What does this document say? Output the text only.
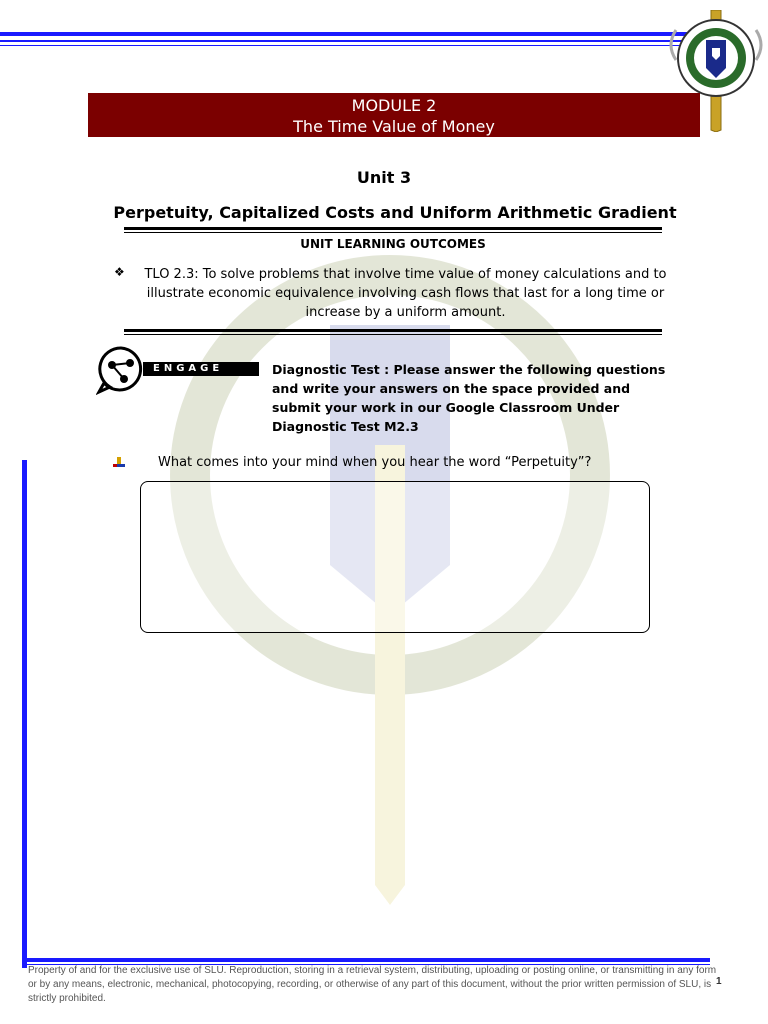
MODULE 2
The Time Value of Money
Unit 3
Perpetuity, Capitalized Costs and Uniform Arithmetic Gradient
UNIT LEARNING OUTCOMES
❖	TLO 2.3: To solve problems that involve time value of money calculations and to illustrate economic equivalence involving cash flows that last for a long time or increase by a uniform amount.
ENGAGE	Diagnostic Test : Please answer the following questions and write your answers on the space provided and submit your work in our Google Classroom Under Diagnostic Test M2.3
What comes into your mind when you hear the word “Perpetuity”?
Property of and for the exclusive use of SLU. Reproduction, storing in a retrieval system, distributing, uploading or posting online, or transmitting in any form or by any means, electronic, mechanical, photocopying, recording, or otherwise of any part of this document, without the prior written permission of SLU, is strictly prohibited.
1
